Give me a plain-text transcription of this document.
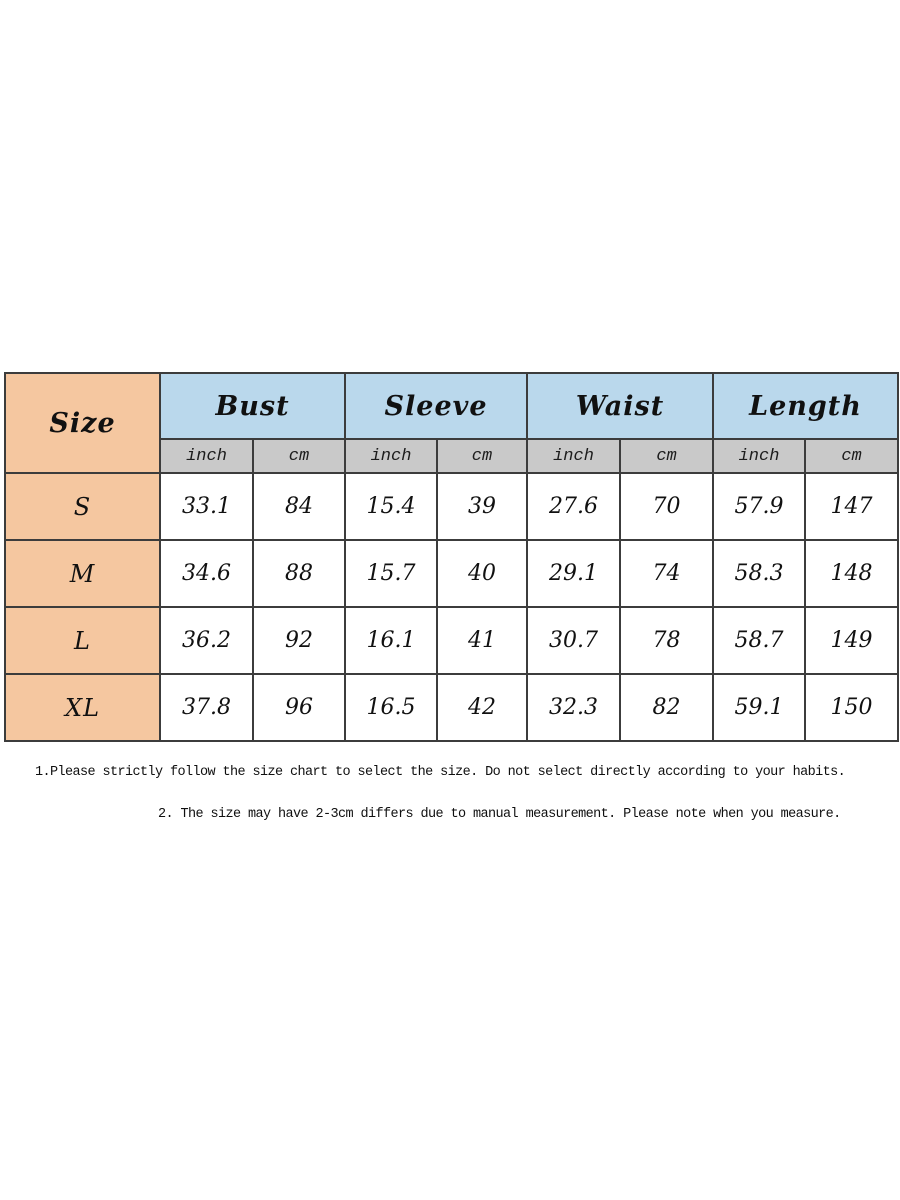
Size	Bust		Sleeve		Waist		Length	
	inch	cm	inch	cm	inch	cm	inch	cm
S	33.1	84	15.4	39	27.6	70	57.9	147
M	34.6	88	15.7	40	29.1	74	58.3	148
L	36.2	92	16.1	41	30.7	78	58.7	149
XL	37.8	96	16.5	42	32.3	82	59.1	150
1.Please strictly follow the size chart to select the size. Do not select directly according to your habits.
2. The size may have 2-3cm differs due to manual measurement. Please note when you measure.
